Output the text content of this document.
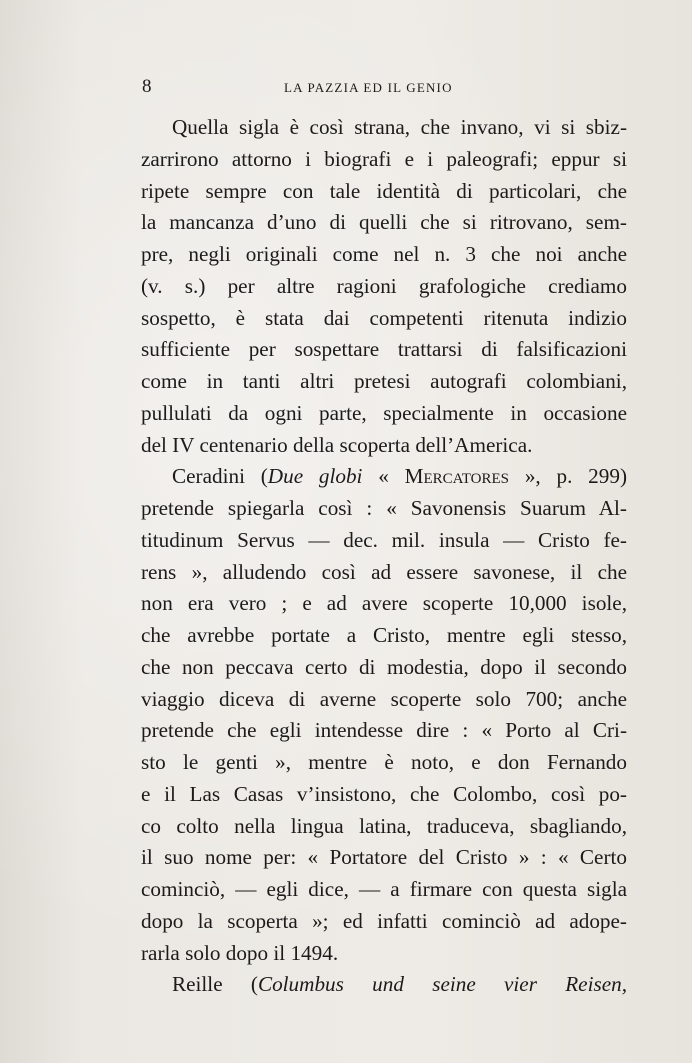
8	LA PAZZIA ED IL GENIO
Quella sigla è così strana, che invano, vi si sbiz-
zarrirono attorno i biografi e i paleografi; eppur si
ripete sempre con tale identità di particolari, che
la mancanza d’uno di quelli che si ritrovano, sem-
pre, negli originali come nel n. 3 che noi anche
(v. s.) per altre ragioni grafologiche crediamo
sospetto, è stata dai competenti ritenuta indizio
sufficiente per sospettare trattarsi di falsificazioni
come in tanti altri pretesi autografi colombiani,
pullulati da ogni parte, specialmente in occasione
del IV centenario della scoperta dell’America.
Ceradini (Due globi « Mercatores », p. 299)
pretende spiegarla così : « Savonensis Suarum Al-
titudinum Servus — dec. mil. insula — Cristo fe-
rens », alludendo così ad essere savonese, il che
non era vero ; e ad avere scoperte 10,000 isole,
che avrebbe portate a Cristo, mentre egli stesso,
che non peccava certo di modestia, dopo il secondo
viaggio diceva di averne scoperte solo 700; anche
pretende che egli intendesse dire : « Porto al Cri-
sto le genti », mentre è noto, e don Fernando
e il Las Casas v’insistono, che Colombo, così po-
co colto nella lingua latina, traduceva, sbagliando,
il suo nome per: « Portatore del Cristo » : « Certo
cominciò, — egli dice, — a firmare con questa sigla
dopo la scoperta »; ed infatti cominciò ad adope-
rarla solo dopo il 1494.
Reille (Columbus und seine vier Reisen,
